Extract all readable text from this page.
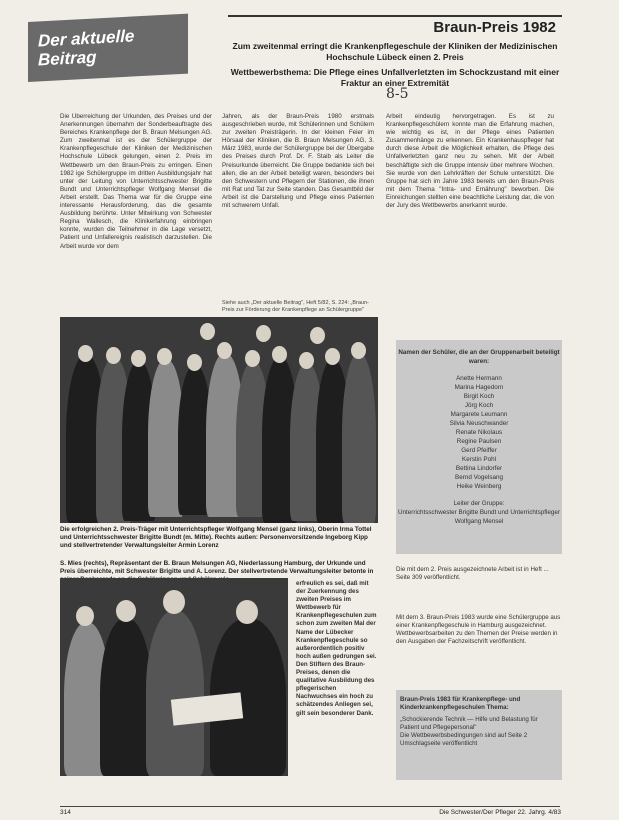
Der aktuelle Beitrag
Braun-Preis 1982
Zum zweitenmal erringt die Krankenpflegeschule der Kliniken der Medizinischen Hochschule Lübeck einen 2. Preis
Wettbewerbsthema: Die Pflege eines Unfallverletzten im Schockzustand mit einer Fraktur an einer Extremität
8-5
Die Überreichung der Urkunden, des Preises und der Anerkennungen übernahm der Sonderbeauftragte des Bereiches Krankenpflege der B. Braun Melsungen AG. Zum zweitenmal ist es der Schülergruppe der Krankenpflegeschule der Kliniken der Medizinischen Hochschule Lübeck gelungen, einen 2. Preis im Wettbewerb um den Braun-Preis zu erringen. Einen 1982 ige Schülergruppe im dritten Ausbildungsjahr hat unter der Leitung von Unterrichtsschwester Brigitte Bundt und Unterrichtspfleger Wolfgang Mensel die Arbeit erstellt. Das Thema war für die Gruppe eine interessante Herausforderung, das die gesamte Ausbildung berührte. Unter Mitwirkung von Schwester Regina Wallesch, die Klinikerfahrung einbringen konnte, wurden die Teilnehmer in die Lage versetzt, Patient und Unfallereignis realistisch darzustellen. Die Arbeit wurde vor dem
Jahren, als der Braun-Preis 1980 erstmals ausgeschrieben wurde, mit Schülerinnen und Schülern zur zweiten Preisträgerin. In der kleinen Feier im Hörsaal der Kliniken, die B. Braun Melsungen AG, 3. März 1983, wurde der Schülergruppe bei der Übergabe des Preises durch Prof. Dr. F. Staib als Leiter die Preisurkunde überreicht. Die Gruppe bedankte sich bei allen, die an der Arbeit beteiligt waren, besonders bei den Schwestern und Pflegern der Stationen, die ihnen mit Rat und Tat zur Seite standen. Das Gesamtbild der Arbeit ist die Darstellung und Pflege eines Patienten mit schwerem Unfall.
Arbeit eindeutig hervorgetragen. Es ist zu Krankenpflegeschülern konnte man die Erfahrung machen, wie wichtig es ist, in der Pflege eines Patienten Zusammenhänge zu erkennen. Ein Krankenhauspfleger hat durch diese Arbeit die Möglichkeit erhalten, die Pflege des Unfallverletzten ganz neu zu sehen. Mit der Arbeit beschäftigte sich die Gruppe intensiv über mehrere Wochen. Sie wurde von den Lehrkräften der Schule unterstützt. Die Gruppe hat sich im Jahre 1983 bereits um den Braun-Preis mit dem Thema "Intra- und Ernährung" beworben. Die Einreichungen stellten eine beachtliche Leistung dar, die von der Jury des Wettbewerbs anerkannt wurde.
Siehe auch „Der aktuelle Beitrag", Heft 5/82, S. 224: „Braun-Preis zur Förderung der Krankenpflege an Schülergruppe"
Die erfolgreichen 2. Preis-Träger mit Unterrichtspfleger Wolfgang Mensel (ganz links), Oberin Irma Tottel und Unterrichtsschwester Brigitte Bundt (m. Mitte). Rechts außen: Personenvorsitzende Ingeborg Kipp und stellvertretender Verwaltungsleiter Armin Lorenz
S. Mies (rechts), Repräsentant der B. Braun Melsungen AG, Niederlassung Hamburg, der Urkunde und Preis überreichte, mit Schwester Brigitte und A. Lorenz. Der stellvertretende Verwaltungsleiter betonte in
erfreulich es sei, daß mit der Zuerkennung des zweiten Preises im Wettbewerb für Krankenpflegeschulen zum schon zum zweiten Mal der Name der Lübecker Krankenpflegeschule so außerordentlich positiv hoch außen gedrungen sei. Den Stiftern des Braun-Preises, denen die qualitative Ausbildung des pflegerischen Nachwuchses ein hoch zu schätzendes Anliegen sei, gilt sein besonderer Dank.
Namen der Schüler, die an der Gruppenarbeit beteiligt waren:
Anette Hermann
Marina Hagedorn
Birgit Koch
Jörg Koch
Margarete Leumann
Silvia Neuschwander
Renate Nikolaus
Regine Paulsen
Gerd Pfeiffer
Kerstin Pohl
Bettina Lindorfer
Bernd Vogelsang
Heike Weinberg
Leiter der Gruppe:
Unterrichtsschwester Brigitte Bundt und Unterrichtspfleger Wolfgang Mensel
Die mit dem 2. Preis ausgezeichnete Arbeit ist in Heft ... Seite 309 veröffentlicht.
Mit dem 3. Braun-Preis 1983 wurde eine Schülergruppe aus einer Krankenpflegeschule in Hamburg ausgezeichnet. Wettbewerbsarbeiten zu den Themen der Preise werden in den Ausgaben der Fachzeitschrift veröffentlicht.
Braun-Preis 1983 für Krankenpflege- und Kinderkrankenpflegeschulen Thema:
„Schockierende Technik — Hilfe und Belastung für Patient und Pflegepersonal"
Die Wettbewerbsbedingungen sind auf Seite 2 Umschlagseite veröffentlicht
314	Die Schwester/Der Pfleger 22. Jahrg. 4/83
